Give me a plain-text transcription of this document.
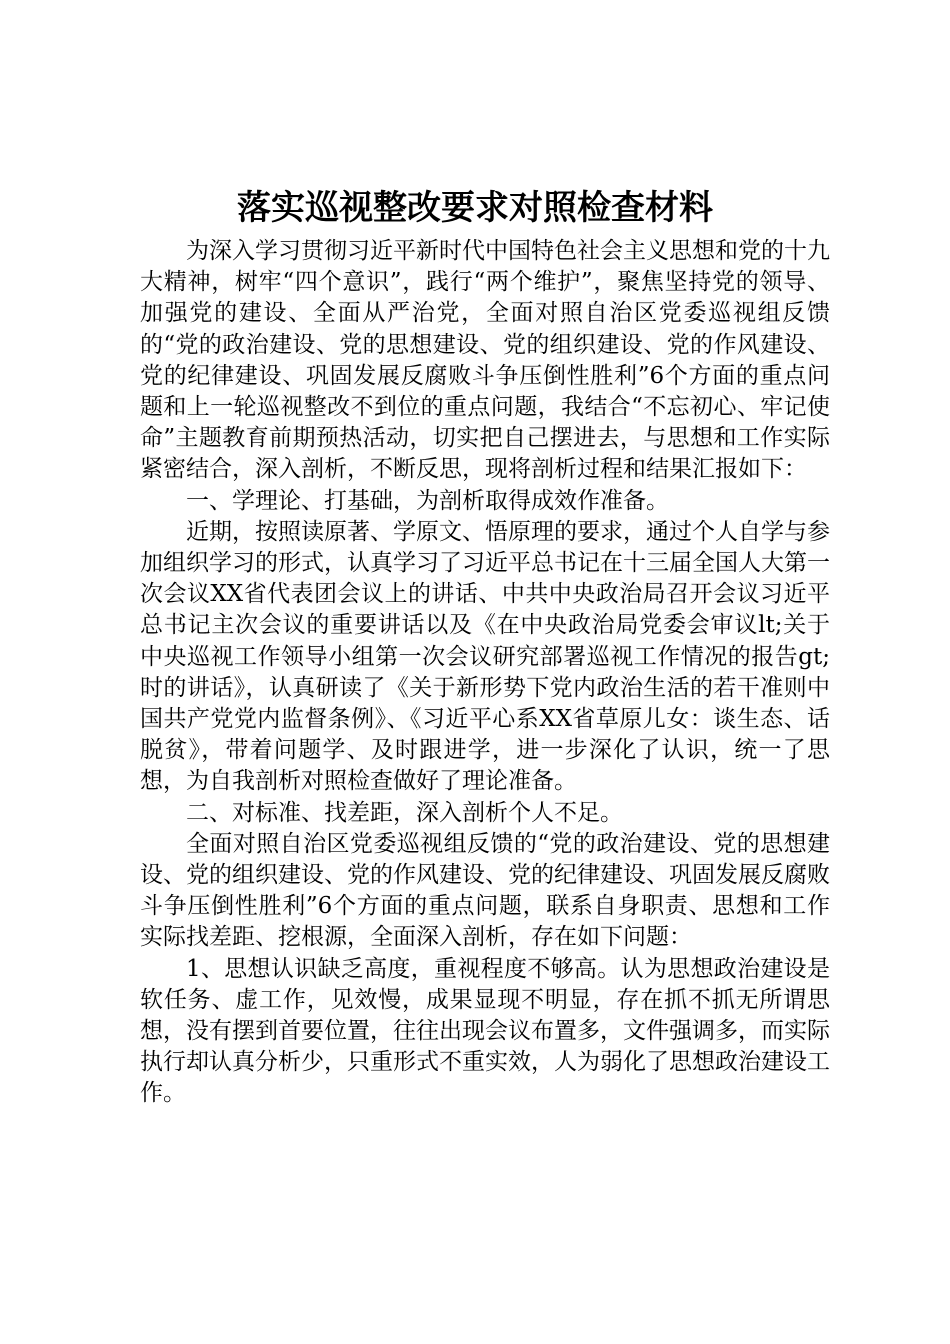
落实巡视整改要求对照检查材料

为深入学习贯彻习近平新时代中国特色社会主义思想和党的十九大精神，树牢“四个意识”，践行“两个维护”，聚焦坚持党的领导、加强党的建设、全面从严治党，全面对照自治区党委巡视组反馈的“党的政治建设、党的思想建设、党的组织建设、党的作风建设、党的纪律建设、巩固发展反腐败斗争压倒性胜利”6个方面的重点问题和上一轮巡视整改不到位的重点问题，我结合“不忘初心、牢记使命”主题教育前期预热活动，切实把自己摆进去，与思想和工作实际紧密结合，深入剖析，不断反思，现将剖析过程和结果汇报如下：

一、学理论、打基础，为剖析取得成效作准备。

近期，按照读原著、学原文、悟原理的要求，通过个人自学与参加组织学习的形式，认真学习了习近平总书记在十三届全国人大第一次会议XX省代表团会议上的讲话、中共中央政治局召开会议习近平总书记主次会议的重要讲话以及《在中央政治局党委会审议lt;关于中央巡视工作领导小组第一次会议研究部署巡视工作情况的报告gt;时的讲话》，认真研读了《关于新形势下党内政治生活的若干准则中国共产党党内监督条例》、《习近平心系XX省草原儿女：谈生态、话脱贫》，带着问题学、及时跟进学，进一步深化了认识，统一了思想，为自我剖析对照检查做好了理论准备。

二、对标准、找差距，深入剖析个人不足。

全面对照自治区党委巡视组反馈的“党的政治建设、党的思想建设、党的组织建设、党的作风建设、党的纪律建设、巩固发展反腐败斗争压倒性胜利”6个方面的重点问题，联系自身职责、思想和工作实际找差距、挖根源，全面深入剖析，存在如下问题：

1、思想认识缺乏高度，重视程度不够高。认为思想政治建设是软任务、虚工作，见效慢，成果显现不明显，存在抓不抓无所谓思想，没有摆到首要位置，往往出现会议布置多，文件强调多，而实际执行却认真分析少，只重形式不重实效，人为弱化了思想政治建设工作。
